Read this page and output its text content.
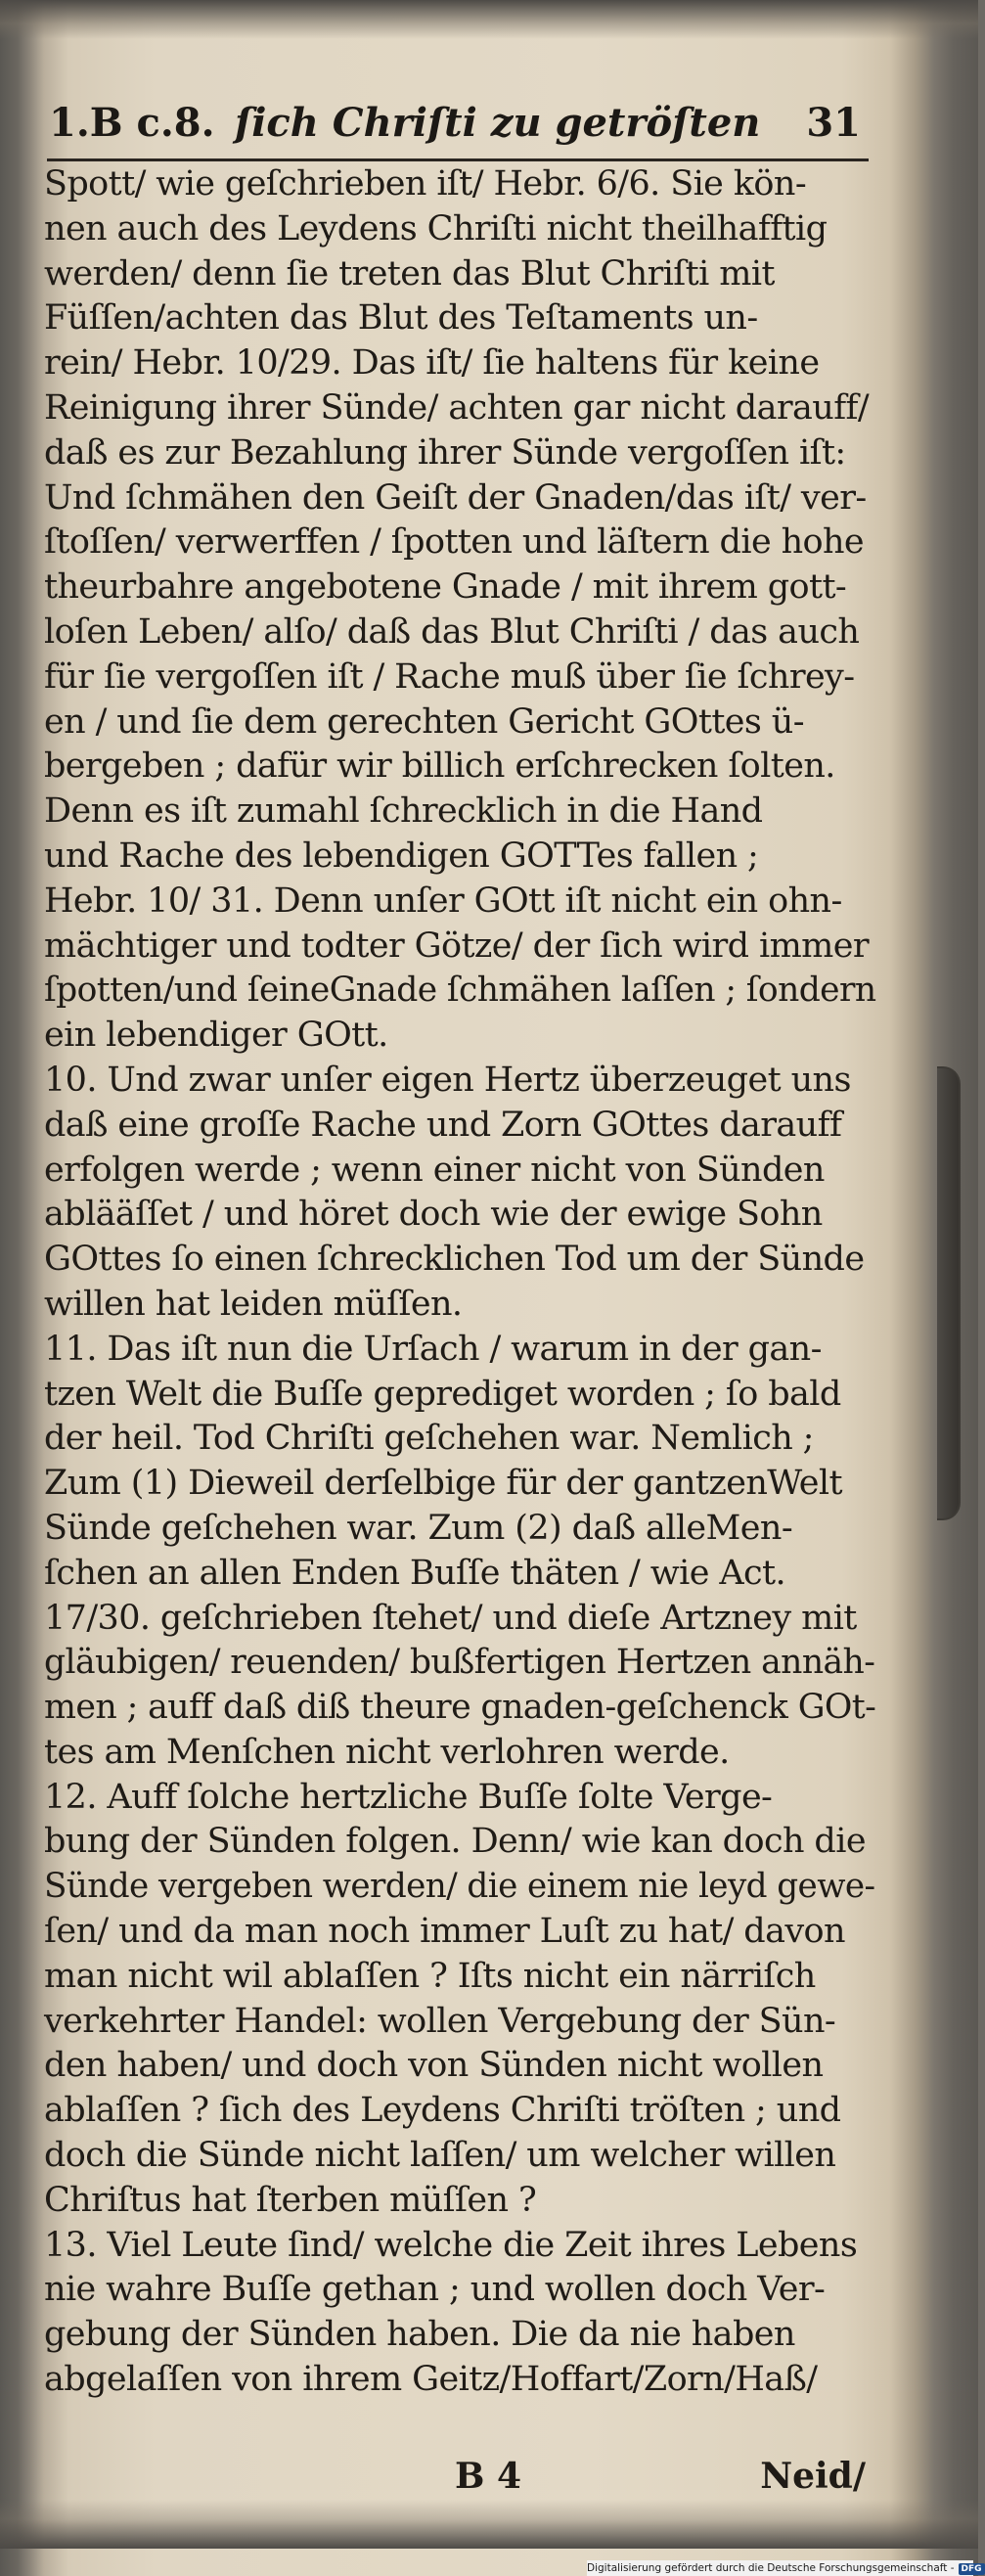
1.B c.8. ſich Chriſti zu getröſten 31
Spott/ wie geſchrieben iſt/ Hebr. 6/6. Sie kön-
nen auch des Leydens Chriſti nicht theilhafftig
werden/ denn ſie treten das Blut Chriſti mit
Füſſen/achten das Blut des Teſtaments un-
rein/ Hebr. 10/29. Das iſt/ ſie haltens für keine
Reinigung ihrer Sünde/ achten gar nicht darauff/
daß es zur Bezahlung ihrer Sünde vergoſſen iſt:
Und ſchmähen den Geiſt der Gnaden/das iſt/ ver-
ſtoſſen/ verwerffen / ſpotten und läſtern die hohe
theurbahre angebotene Gnade / mit ihrem gott-
loſen Leben/ alſo/ daß das Blut Chriſti / das auch
für ſie vergoſſen iſt / Rache muß über ſie ſchrey-
en / und ſie dem gerechten Gericht GOttes ü-
bergeben ; dafür wir billich erſchrecken ſolten.
Denn es iſt zumahl ſchrecklich in die Hand
und Rache des lebendigen GOTTes fallen ;
Hebr. 10/ 31. Denn unſer GOtt iſt nicht ein ohn-
mächtiger und todter Götze/ der ſich wird immer
ſpotten/und ſeineGnade ſchmähen laſſen ; ſondern
ein lebendiger GOtt.
10. Und zwar unſer eigen Hertz überzeuget uns
daß eine groſſe Rache und Zorn GOttes darauff
erfolgen werde ; wenn einer nicht von Sünden
ablääſſet / und höret doch wie der ewige Sohn
GOttes ſo einen ſchrecklichen Tod um der Sünde
willen hat leiden müſſen.
11. Das iſt nun die Urſach / warum in der gan-
tzen Welt die Buſſe geprediget worden ; ſo bald
der heil. Tod Chriſti geſchehen war. Nemlich ;
Zum (1) Dieweil derſelbige für der gantzenWelt
Sünde geſchehen war. Zum (2) daß alleMen-
ſchen an allen Enden Buſſe thäten / wie Act.
17/30. geſchrieben ſtehet/ und dieſe Artzney mit
gläubigen/ reuenden/ bußfertigen Hertzen annäh-
men ; auff daß diß theure gnaden-geſchenck GOt-
tes am Menſchen nicht verlohren werde.
12. Auff ſolche hertzliche Buſſe ſolte Verge-
bung der Sünden folgen. Denn/ wie kan doch die
Sünde vergeben werden/ die einem nie leyd gewe-
ſen/ und da man noch immer Luſt zu hat/ davon
man nicht wil ablaſſen ? Iſts nicht ein närriſch
verkehrter Handel: wollen Vergebung der Sün-
den haben/ und doch von Sünden nicht wollen
ablaſſen ? ſich des Leydens Chriſti tröſten ; und
doch die Sünde nicht laſſen/ um welcher willen
Chriſtus hat ſterben müſſen ?
13. Viel Leute ſind/ welche die Zeit ihres Lebens
nie wahre Buſſe gethan ; und wollen doch Ver-
gebung der Sünden haben. Die da nie haben
abgelaſſen von ihrem Geitz/Hoffart/Zorn/Haß/
B 4	Neid/
Digitalisierung gefördert durch die Deutsche Forschungsgemeinschaft - DFG
